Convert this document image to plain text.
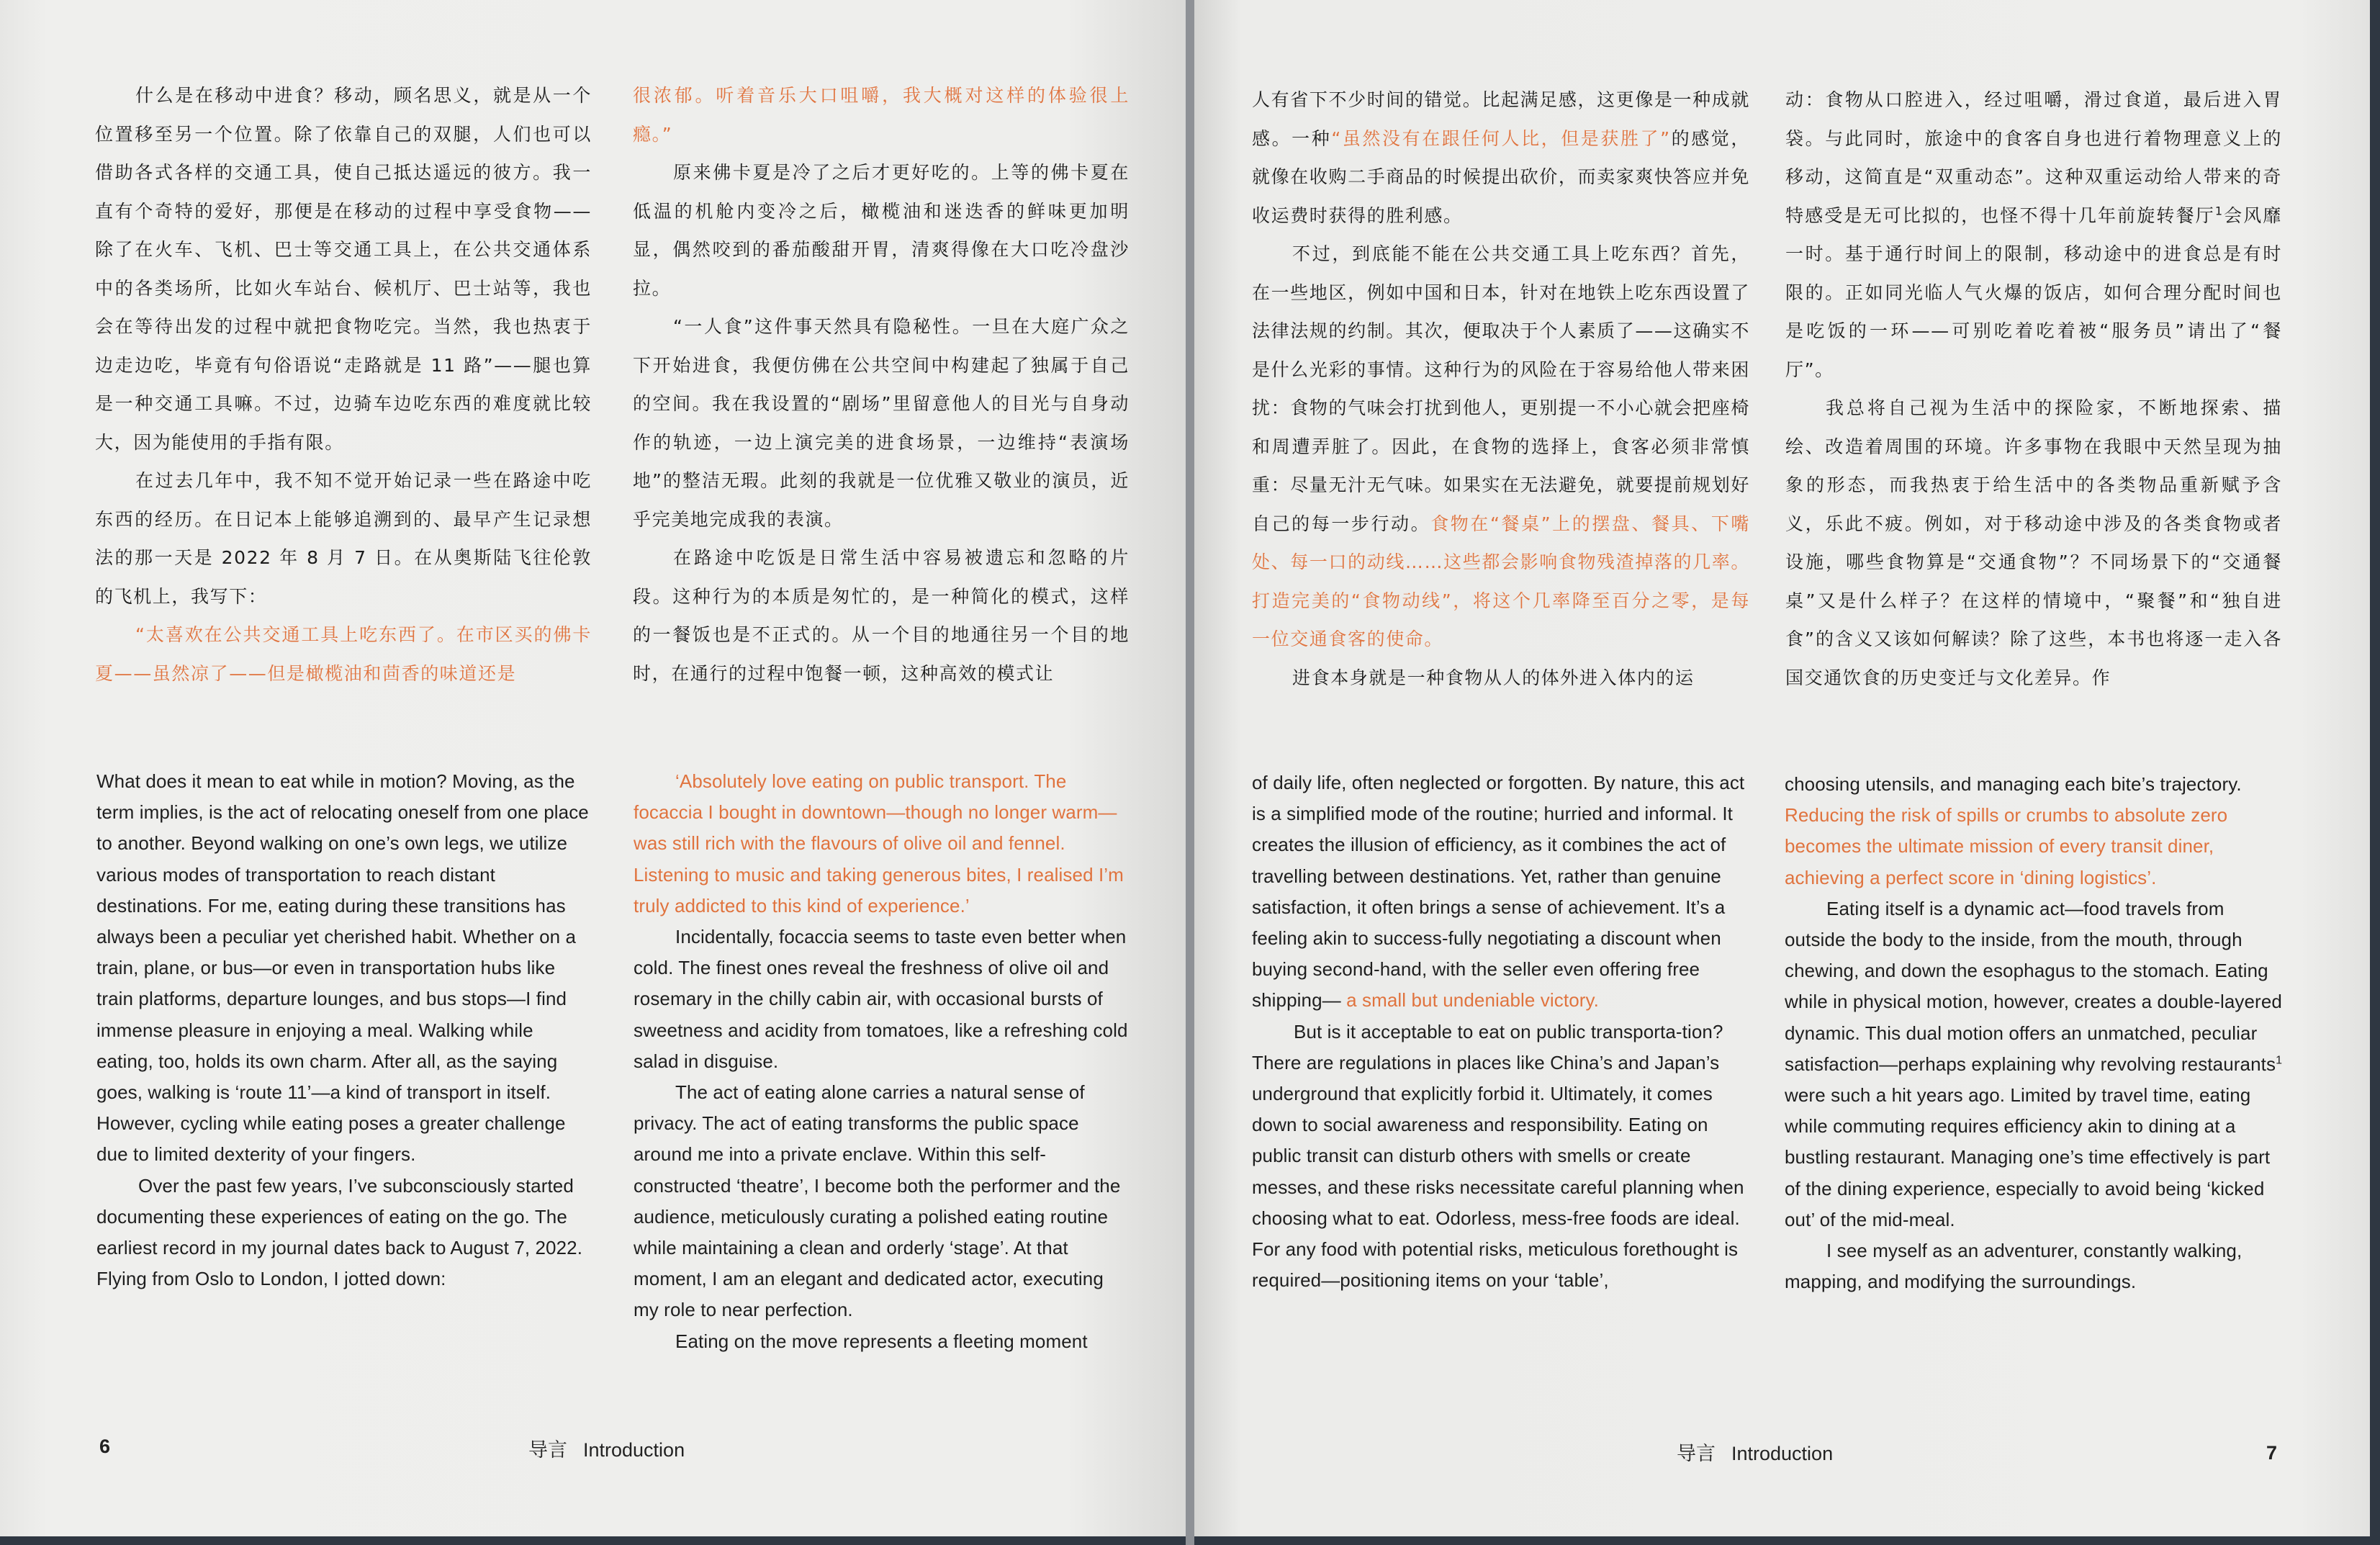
什么是在移动中进食？移动，顾名思义，就是从一个位置移至另一个位置。除了依靠自己的双腿，人们也可以借助各式各样的交通工具，使自己抵达遥远的彼方。我一直有个奇特的爱好，那便是在移动的过程中享受食物——除了在火车、飞机、巴士等交通工具上，在公共交通体系中的各类场所，比如火车站台、候机厅、巴士站等，我也会在等待出发的过程中就把食物吃完。当然，我也热衷于边走边吃，毕竟有句俗语说“走路就是 11 路”——腿也算是一种交通工具嘛。不过，边骑车边吃东西的难度就比较大，因为能使用的手指有限。

在过去几年中，我不知不觉开始记录一些在路途中吃东西的经历。在日记本上能够追溯到的、最早产生记录想法的那一天是 2022 年 8 月 7 日。在从奥斯陆飞往伦敦的飞机上，我写下：

“太喜欢在公共交通工具上吃东西了。在市区买的佛卡夏——虽然凉了——但是橄榄油和茴香的味道还是

很浓郁。听着音乐大口咀嚼，我大概对这样的体验很上瘾。”

原来佛卡夏是冷了之后才更好吃的。上等的佛卡夏在低温的机舱内变冷之后，橄榄油和迷迭香的鲜味更加明显，偶然咬到的番茄酸甜开胃，清爽得像在大口吃冷盘沙拉。

“一人食”这件事天然具有隐秘性。一旦在大庭广众之下开始进食，我便仿佛在公共空间中构建起了独属于自己的空间。我在我设置的“剧场”里留意他人的目光与自身动作的轨迹，一边上演完美的进食场景，一边维持“表演场地”的整洁无瑕。此刻的我就是一位优雅又敬业的演员，近乎完美地完成我的表演。

在路途中吃饭是日常生活中容易被遗忘和忽略的片段。这种行为的本质是匆忙的，是一种简化的模式，这样的一餐饭也是不正式的。从一个目的地通往另一个目的地时，在通行的过程中饱餐一顿，这种高效的模式让

What does it mean to eat while in motion? Moving, as the term implies, is the act of relocating oneself from one place to another. Beyond walking on one’s own legs, we utilize various modes of transportation to reach distant destinations. For me, eating during these transitions has always been a peculiar yet cherished habit. Whether on a train, plane, or bus—or even in transportation hubs like train platforms, departure lounges, and bus stops—I find immense pleasure in enjoying a meal. Walking while eating, too, holds its own charm. After all, as the saying goes, walking is ‘route 11’—a kind of transport in itself. However, cycling while eating poses a greater challenge due to limited dexterity of your fingers.

Over the past few years, I’ve subconsciously started documenting these experiences of eating on the go. The earliest record in my journal dates back to August 7, 2022. Flying from Oslo to London, I jotted down:

‘Absolutely love eating on public transport. The focaccia I bought in downtown—though no longer warm—was still rich with the flavours of olive oil and fennel. Listening to music and taking generous bites, I realised I’m truly addicted to this kind of experience.’

Incidentally, focaccia seems to taste even better when cold. The finest ones reveal the freshness of olive oil and rosemary in the chilly cabin air, with occasional bursts of sweetness and acidity from tomatoes, like a refreshing cold salad in disguise.

The act of eating alone carries a natural sense of privacy. The act of eating transforms the public space around me into a private enclave. Within this self-constructed ‘theatre’, I become both the performer and the audience, meticulously curating a polished eating routine while maintaining a clean and orderly ‘stage’. At that moment, I am an elegant and dedicated actor, executing my role to near perfection.

Eating on the move represents a fleeting moment

6	导言 Introduction

人有省下不少时间的错觉。比起满足感，这更像是一种成就感。一种“虽然没有在跟任何人比，但是获胜了”的感觉，就像在收购二手商品的时候提出砍价，而卖家爽快答应并免收运费时获得的胜利感。

不过，到底能不能在公共交通工具上吃东西？首先，在一些地区，例如中国和日本，针对在地铁上吃东西设置了法律法规的约制。其次，便取决于个人素质了——这确实不是什么光彩的事情。这种行为的风险在于容易给他人带来困扰：食物的气味会打扰到他人，更别提一不小心就会把座椅和周遭弄脏了。因此，在食物的选择上，食客必须非常慎重：尽量无汁无气味。如果实在无法避免，就要提前规划好自己的每一步行动。食物在“餐桌”上的摆盘、餐具、下嘴处、每一口的动线……这些都会影响食物残渣掉落的几率。打造完美的“食物动线”，将这个几率降至百分之零，是每一位交通食客的使命。

进食本身就是一种食物从人的体外进入体内的运

动：食物从口腔进入，经过咀嚼，滑过食道，最后进入胃袋。与此同时，旅途中的食客自身也进行着物理意义上的移动，这简直是“双重动态”。这种双重运动给人带来的奇特感受是无可比拟的，也怪不得十几年前旋转餐厅$^1$会风靡一时。基于通行时间上的限制，移动途中的进食总是有时限的。正如同光临人气火爆的饭店，如何合理分配时间也是吃饭的一环——可别吃着吃着被“服务员”请出了“餐厅”。

我总将自己视为生活中的探险家，不断地探索、描绘、改造着周围的环境。许多事物在我眼中天然呈现为抽象的形态，而我热衷于给生活中的各类物品重新赋予含义，乐此不疲。例如，对于移动途中涉及的各类食物或者设施，哪些食物算是“交通食物”？不同场景下的“交通餐桌”又是什么样子？在这样的情境中，“聚餐”和“独自进食”的含义又该如何解读？除了这些，本书也将逐一走入各国交通饮食的历史变迁与文化差异。作

of daily life, often neglected or forgotten. By nature, this act is a simplified mode of the routine; hurried and informal. It creates the illusion of efficiency, as it combines the act of travelling between destinations. Yet, rather than genuine satisfaction, it often brings a sense of achievement. It’s a feeling akin to success-fully negotiating a discount when buying second-hand, with the seller even offering free shipping— a small but undeniable victory.

But is it acceptable to eat on public transporta-tion? There are regulations in places like China’s and Japan’s underground that explicitly forbid it. Ultimately, it comes down to social awareness and responsibility. Eating on public transit can disturb others with smells or create messes, and these risks necessitate careful planning when choosing what to eat. Odorless, mess-free foods are ideal. For any food with potential risks, meticulous forethought is required—positioning items on your ‘table’,

choosing utensils, and managing each bite’s trajectory. Reducing the risk of spills or crumbs to absolute zero becomes the ultimate mission of every transit diner, achieving a perfect score in ‘dining logistics’.

Eating itself is a dynamic act—food travels from outside the body to the inside, from the mouth, through chewing, and down the esophagus to the stomach. Eating while in physical motion, however, creates a double-layered dynamic. This dual motion offers an unmatched, peculiar satisfaction—perhaps explaining why revolving restaurants$^1$ were such a hit years ago. Limited by travel time, eating while commuting requires efficiency akin to dining at a bustling restaurant. Managing one’s time effectively is part of the dining experience, especially to avoid being ‘kicked out’ of the mid-meal.

I see myself as an adventurer, constantly walking, mapping, and modifying the surroundings.

导言 Introduction	7
